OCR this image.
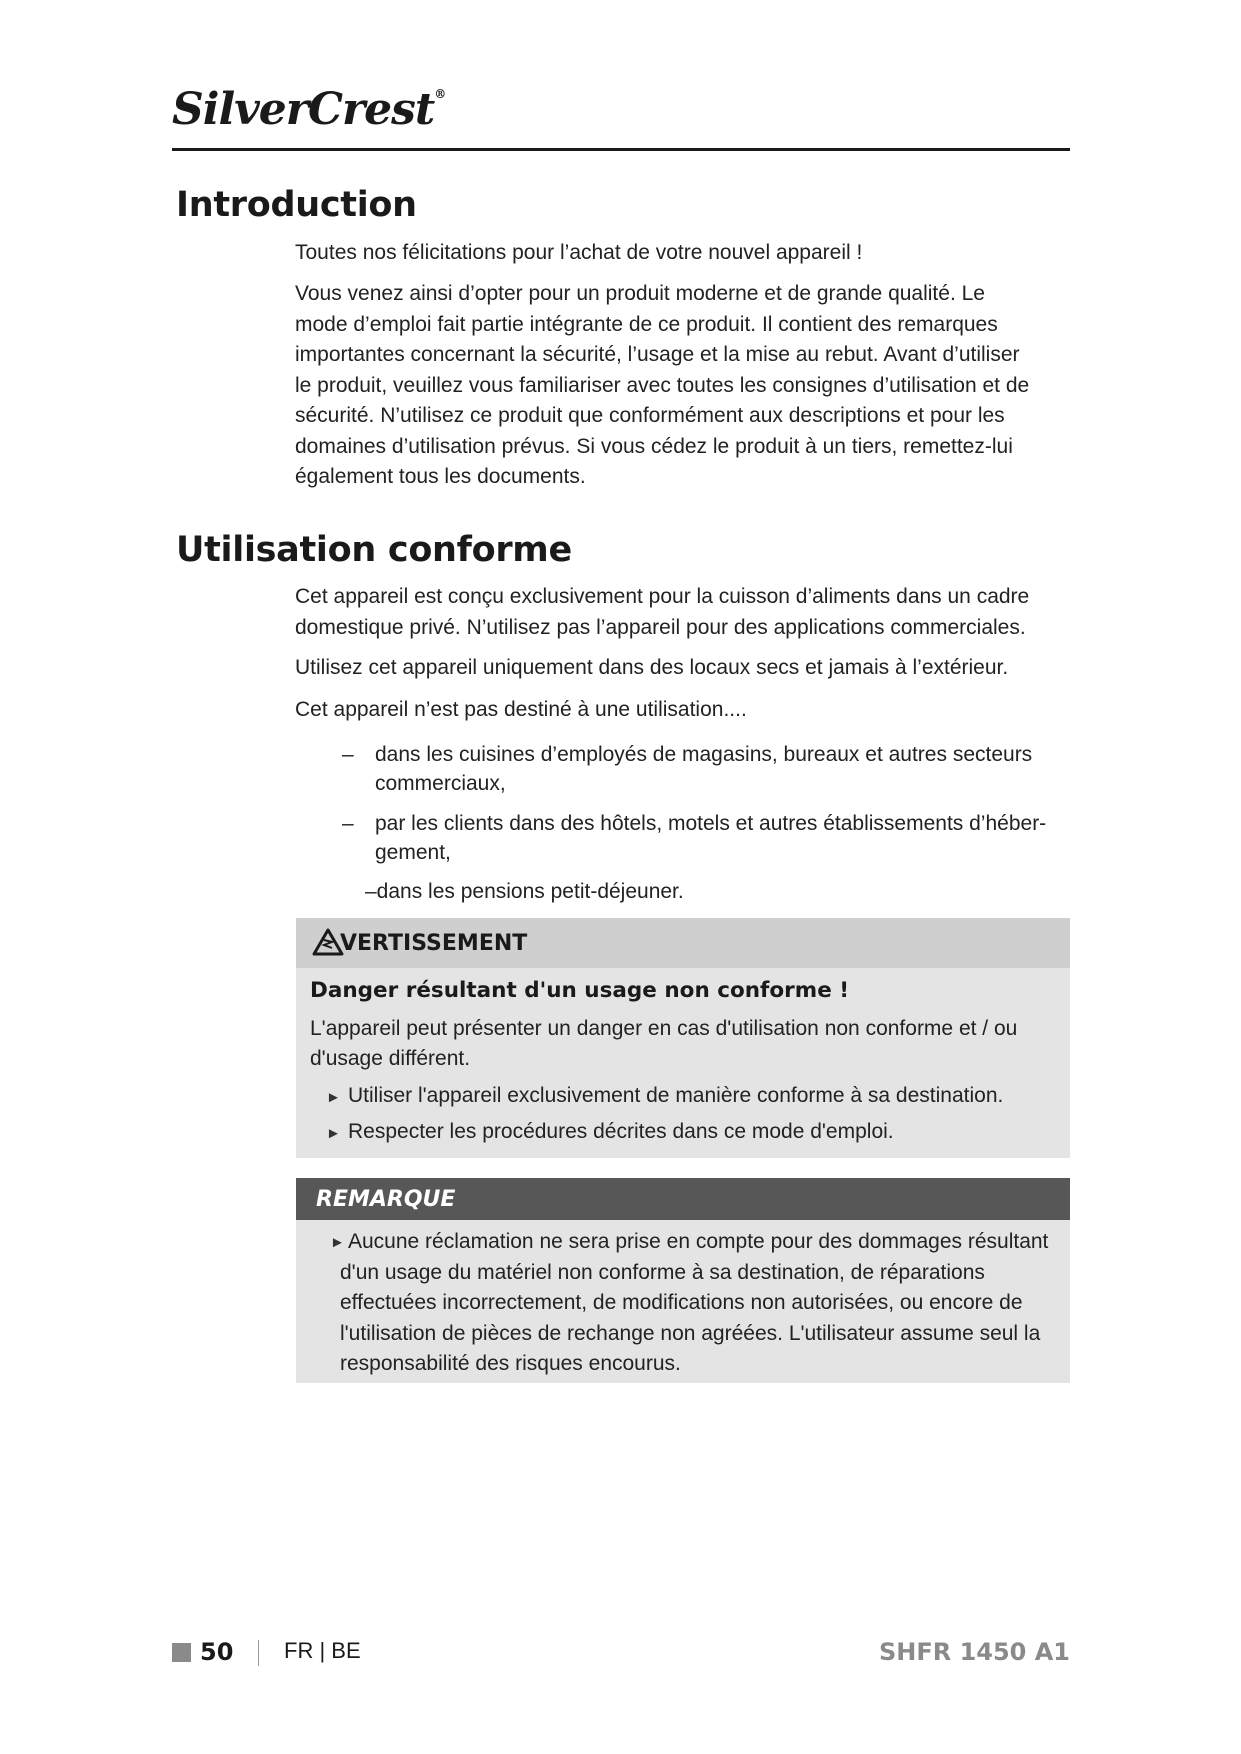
SilverCrest®
Introduction

Toutes nos félicitations pour l’achat de votre nouvel appareil !

Vous venez ainsi d’opter pour un produit moderne et de grande qualité. Le

mode d’emploi fait partie intégrante de ce produit. Il contient des remarques

importantes concernant la sécurité, l’usage et la mise au rebut. Avant d’utiliser

le produit, veuillez vous familiariser avec toutes les consignes d’utilisation et de

sécurité. N’utilisez ce produit que conformément aux descriptions et pour les

domaines d’utilisation prévus. Si vous cédez le produit à un tiers, remettez-lui

également tous les documents.

Utilisation conforme

Cet appareil est conçu exclusivement pour la cuisson d’aliments dans un cadre

domestique privé. N’utilisez pas l’appareil pour des applications commerciales.

Utilisez cet appareil uniquement dans des locaux secs et jamais à l’extérieur.

Cet appareil n’est pas destiné à une utilisation....

– dans les cuisines d’employés de magasins, bureaux et autres secteurs
commerciaux,
– par les clients dans des hôtels, motels et autres établissements d’héber-
gement,
–dans les pensions petit-déjeuner.
VERTISSEMENT
Danger résultant d'un usage non conforme !
L'appareil peut présenter un danger en cas d'utilisation non conforme et / ou
d'usage différent.
► Utiliser l'appareil exclusivement de manière conforme à sa destination.
► Respecter les procédures décrites dans ce mode d'emploi.
REMARQUE
► Aucune réclamation ne sera prise en compte pour des dommages résultant
d'un usage du matériel non conforme à sa destination, de réparations
effectuées incorrectement, de modifications non autorisées, ou encore de
l'utilisation de pièces de rechange non agréées. L'utilisateur assume seul la
responsabilité des risques encourus.
50 FR | BE	SHFR 1450 A1
